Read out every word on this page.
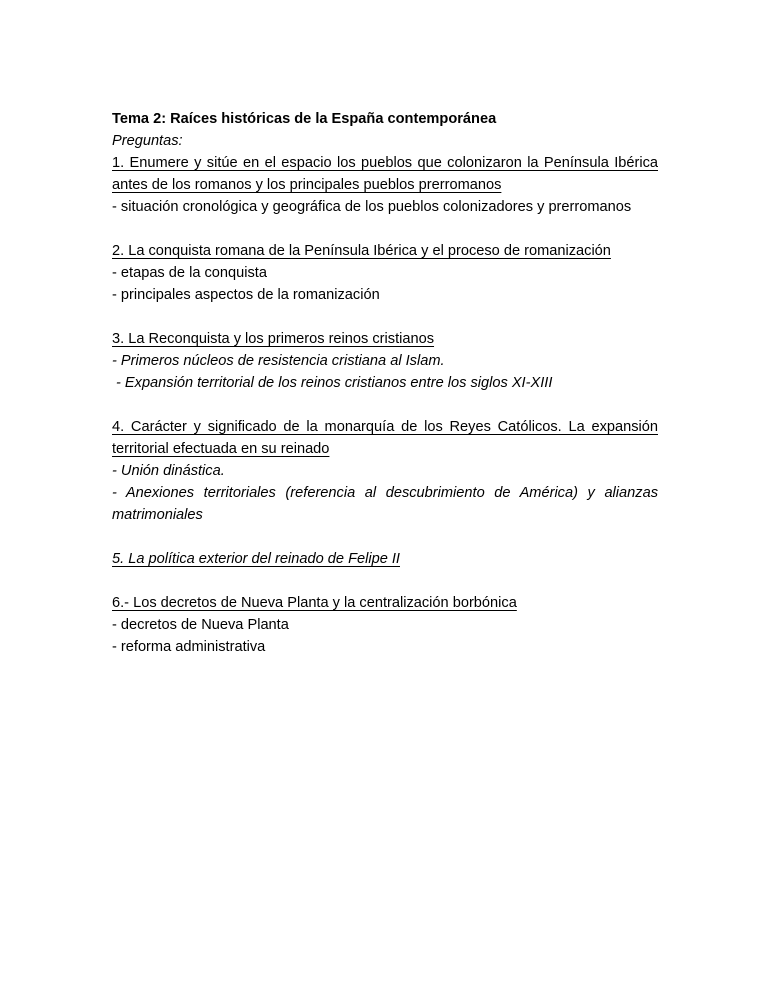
Tema 2: Raíces históricas de la España contemporánea

Preguntas:

1. Enumere y sitúe en el espacio los pueblos que colonizaron la Península Ibérica antes de los romanos y los principales pueblos prerromanos

- situación cronológica y geográfica de los pueblos colonizadores y prerromanos

2. La conquista romana de la Península Ibérica y el proceso de romanización

- etapas de la conquista

- principales aspectos de la romanización

3. La Reconquista y los primeros reinos cristianos

- Primeros núcleos de resistencia cristiana al Islam.

- Expansión territorial de los reinos cristianos entre los siglos XI-XIII

4. Carácter y significado de la monarquía de los Reyes Católicos. La expansión territorial efectuada en su reinado

- Unión dinástica.

- Anexiones territoriales (referencia al descubrimiento de América) y alianzas matrimoniales

5. La política exterior del reinado de Felipe II

6.- Los decretos de Nueva Planta y la centralización borbónica

- decretos de Nueva Planta

- reforma administrativa
